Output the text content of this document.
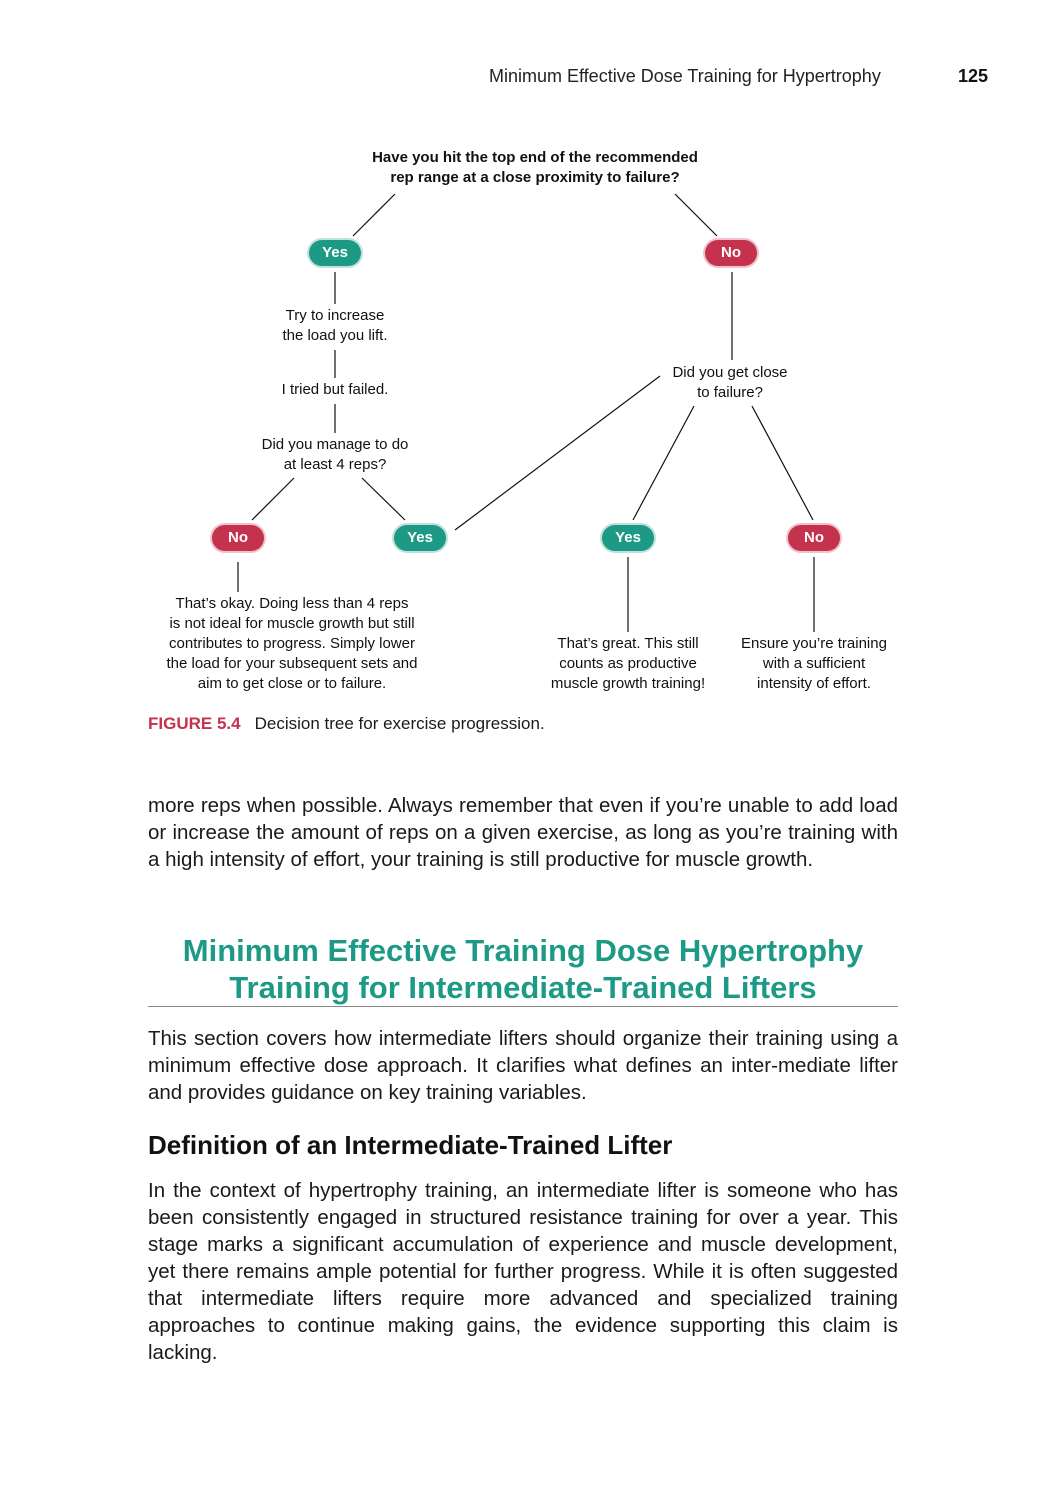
Minimum Effective Dose Training for Hypertrophy	125
Have you hit the top end of the recommended
rep range at a close proximity to failure?
Yes	No
Try to increase
the load you lift.
I tried but failed.
Did you manage to do
at least 4 reps?
Did you get close
to failure?
No	Yes	Yes	No
That’s okay. Doing less than 4 reps
is not ideal for muscle growth but still
contributes to progress. Simply lower
the load for your subsequent sets and
aim to get close or to failure.
That’s great. This still
counts as productive
muscle growth training!
Ensure you’re training
with a sufficient
intensity of effort.
FIGURE 5.4 Decision tree for exercise progression.
more reps when possible. Always remember that even if you’re unable to add load or increase the amount of reps on a given exercise, as long as you’re training with a high intensity of effort, your training is still productive for muscle growth.
Minimum Effective Training Dose Hypertrophy Training for Intermediate-Trained Lifters
This section covers how intermediate lifters should organize their training using a minimum effective dose approach. It clarifies what defines an inter-mediate lifter and provides guidance on key training variables.
Definition of an Intermediate-Trained Lifter
In the context of hypertrophy training, an intermediate lifter is someone who has been consistently engaged in structured resistance training for over a year. This stage marks a significant accumulation of experience and muscle development, yet there remains ample potential for further progress. While it is often suggested that intermediate lifters require more advanced and specialized training approaches to continue making gains, the evidence supporting this claim is lacking.
